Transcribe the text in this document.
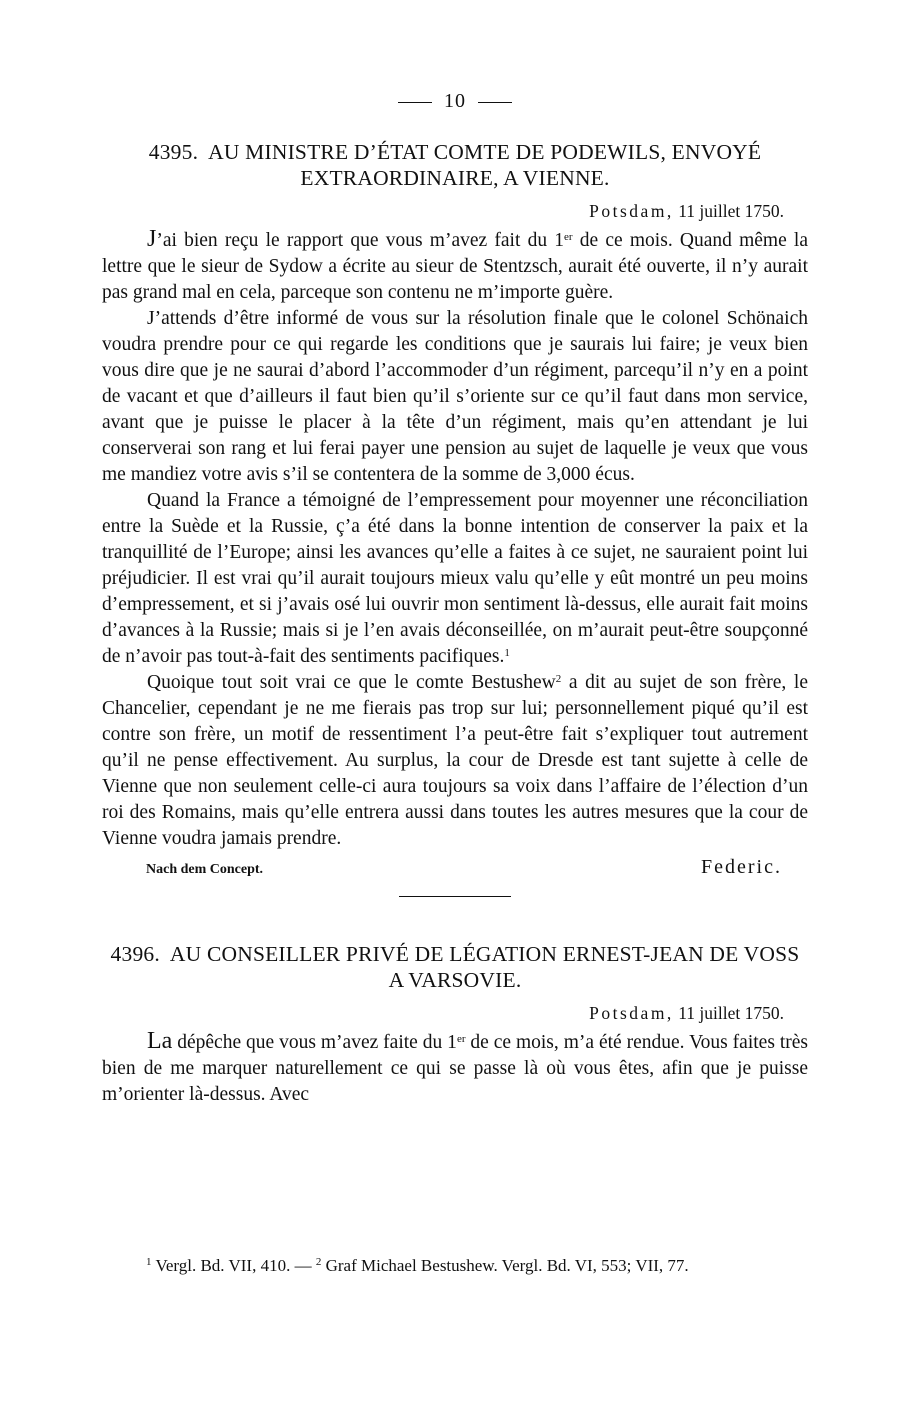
10
4395. AU MINISTRE D’ÉTAT COMTE DE PODEWILS, ENVOYÉ EXTRAORDINAIRE, A VIENNE.
Potsdam, 11 juillet 1750.

J’ai bien reçu le rapport que vous m’avez fait du 1er de ce mois. Quand même la lettre que le sieur de Sydow a écrite au sieur de Stentzsch, aurait été ouverte, il n’y aurait pas grand mal en cela, parceque son contenu ne m’importe guère.

J’attends d’être informé de vous sur la résolution finale que le colonel Schönaich voudra prendre pour ce qui regarde les conditions que je saurais lui faire; je veux bien vous dire que je ne saurai d’abord l’accommoder d’un régiment, parcequ’il n’y en a point de vacant et que d’ailleurs il faut bien qu’il s’oriente sur ce qu’il faut dans mon service, avant que je puisse le placer à la tête d’un régiment, mais qu’en attendant je lui conserverai son rang et lui ferai payer une pension au sujet de laquelle je veux que vous me mandiez votre avis s’il se contentera de la somme de 3,000 écus.

Quand la France a témoigné de l’empressement pour moyenner une réconciliation entre la Suède et la Russie, ç’a été dans la bonne intention de conserver la paix et la tranquillité de l’Europe; ainsi les avances qu’elle a faites à ce sujet, ne sauraient point lui préjudicier. Il est vrai qu’il aurait toujours mieux valu qu’elle y eût montré un peu moins d’empressement, et si j’avais osé lui ouvrir mon sentiment là-dessus, elle aurait fait moins d’avances à la Russie; mais si je l’en avais déconseillée, on m’aurait peut-être soupçonné de n’avoir pas tout-à-fait des sentiments pacifiques.$^1$

Quoique tout soit vrai ce que le comte Bestushew$^2$ a dit au sujet de son frère, le Chancelier, cependant je ne me fierais pas trop sur lui; personnellement piqué qu’il est contre son frère, un motif de ressentiment l’a peut-être fait s’expliquer tout autrement qu’il ne pense effectivement. Au surplus, la cour de Dresde est tant sujette à celle de Vienne que non seulement celle-ci aura toujours sa voix dans l’affaire de l’élection d’un roi des Romains, mais qu’elle entrera aussi dans toutes les autres mesures que la cour de Vienne voudra jamais prendre.

Nach dem Concept.	Federic.
4396. AU CONSEILLER PRIVÉ DE LÉGATION ERNEST-JEAN DE VOSS A VARSOVIE.
Potsdam, 11 juillet 1750.

La dépêche que vous m’avez faite du 1er de ce mois, m’a été rendue. Vous faites très bien de me marquer naturellement ce qui se passe là où vous êtes, afin que je puisse m’orienter là-dessus. Avec

$^1$ Vergl. Bd. VII, 410. — $^2$ Graf Michael Bestushew. Vergl. Bd. VI, 553; VII, 77.
